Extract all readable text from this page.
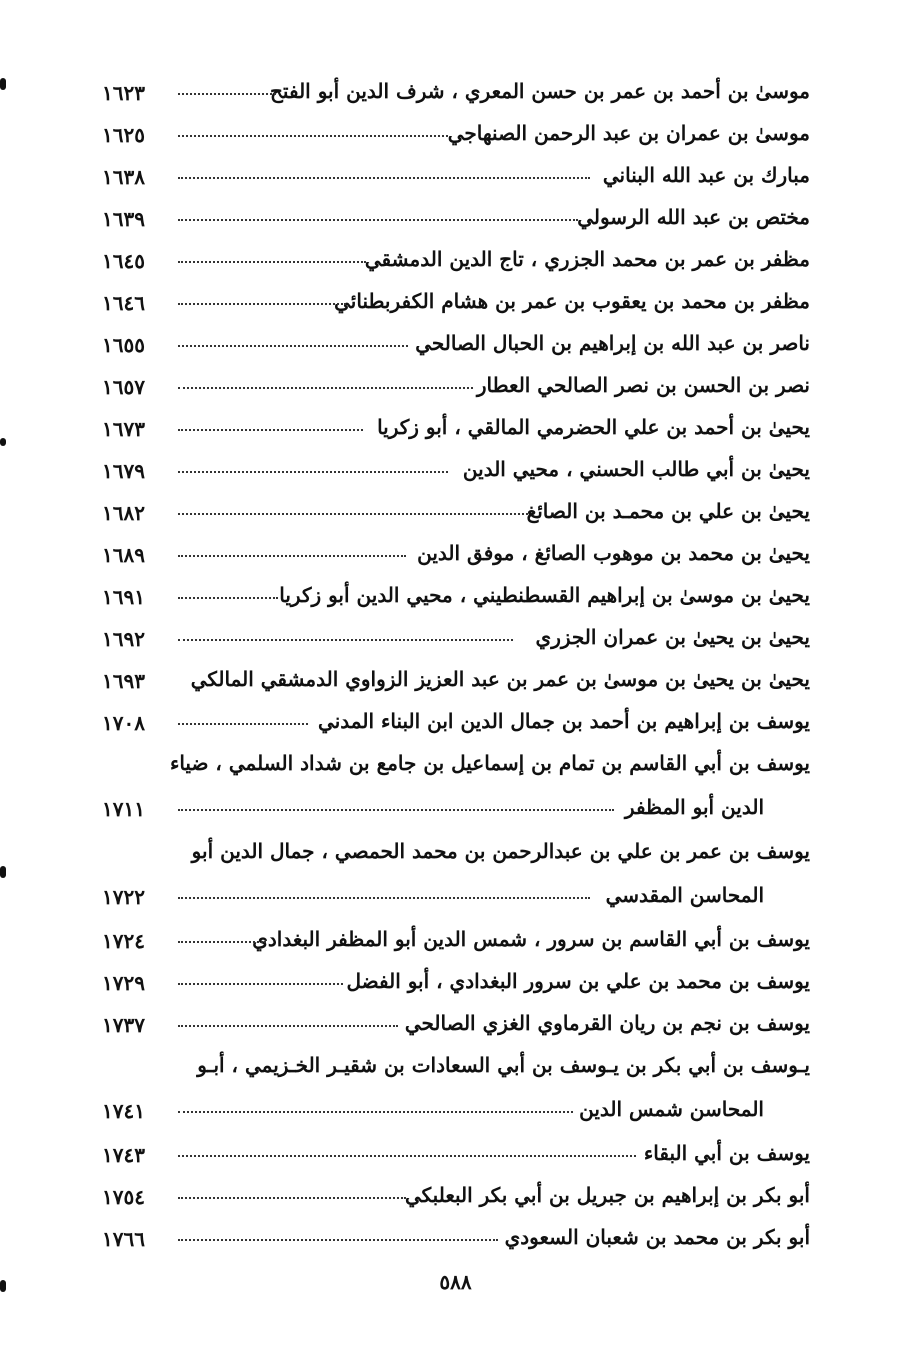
موسىٰ بن أحمد بن عمر بن حسن المعري ، شرف الدين أبو الفتح
١٦٢٣
موسىٰ بن عمران بن عبد الرحمن الصنهاجي
١٦٢٥
مبارك بن عبد الله البناني
١٦٣٨
مختص بن عبد الله الرسولي
١٦٣٩
مظفر بن عمر بن محمد الجزري ، تاج الدين الدمشقي
١٦٤٥
مظفر بن محمد بن يعقوب بن عمر بن هشام الكفربطنائي
١٦٤٦
ناصر بن عبد الله بن إبراهيم بن الحبال الصالحي
١٦٥٥
نصر بن الحسن بن نصر الصالحي العطار
١٦٥٧
يحيىٰ بن أحمد بن علي الحضرمي المالقي ، أبو زكريا
١٦٧٣
يحيىٰ بن أبي طالب الحسني ، محيي الدين
١٦٧٩
يحيىٰ بن علي بن محمـد بن الصائغ
١٦٨٢
يحيىٰ بن محمد بن موهوب الصائغ ، موفق الدين
١٦٨٩
يحيىٰ بن موسىٰ بن إبراهيم القسطنطيني ، محيي الدين أبو زكريا
١٦٩١
يحيىٰ بن يحيىٰ بن عمران الجزري
١٦٩٢
يحيىٰ بن يحيىٰ بن موسىٰ بن عمر بن عبد العزيز الزواوي الدمشقي المالكي
١٦٩٣
يوسف بن إبراهيم بن أحمد بن جمال الدين ابن البناء المدني
١٧٠٨
يوسف بن أبي القاسم بن تمام بن إسماعيل بن جامع بن شداد السلمي ، ضياء
الدين أبو المظفر
١٧١١
يوسف بن عمر بن علي بن عبدالرحمن بن محمد الحمصي ، جمال الدين أبو
المحاسن المقدسي
١٧٢٢
يوسف بن أبي القاسم بن سرور ، شمس الدين أبو المظفر البغدادي
١٧٢٤
يوسف بن محمد بن علي بن سرور البغدادي ، أبو الفضل
١٧٢٩
يوسف بن نجم بن ريان القرماوي الغزي الصالحي
١٧٣٧
يـوسف بن أبي بكر بن يـوسف بن أبي السعادات بن شقيـر الخـزيمي ، أبـو
المحاسن شمس الدين
١٧٤١
يوسف بن أبي البقاء
١٧٤٣
أبو بكر بن إبراهيم بن جبريل بن أبي بكر البعلبكي
١٧٥٤
أبو بكر بن محمد بن شعبان السعودي
١٧٦٦
٥٨٨
